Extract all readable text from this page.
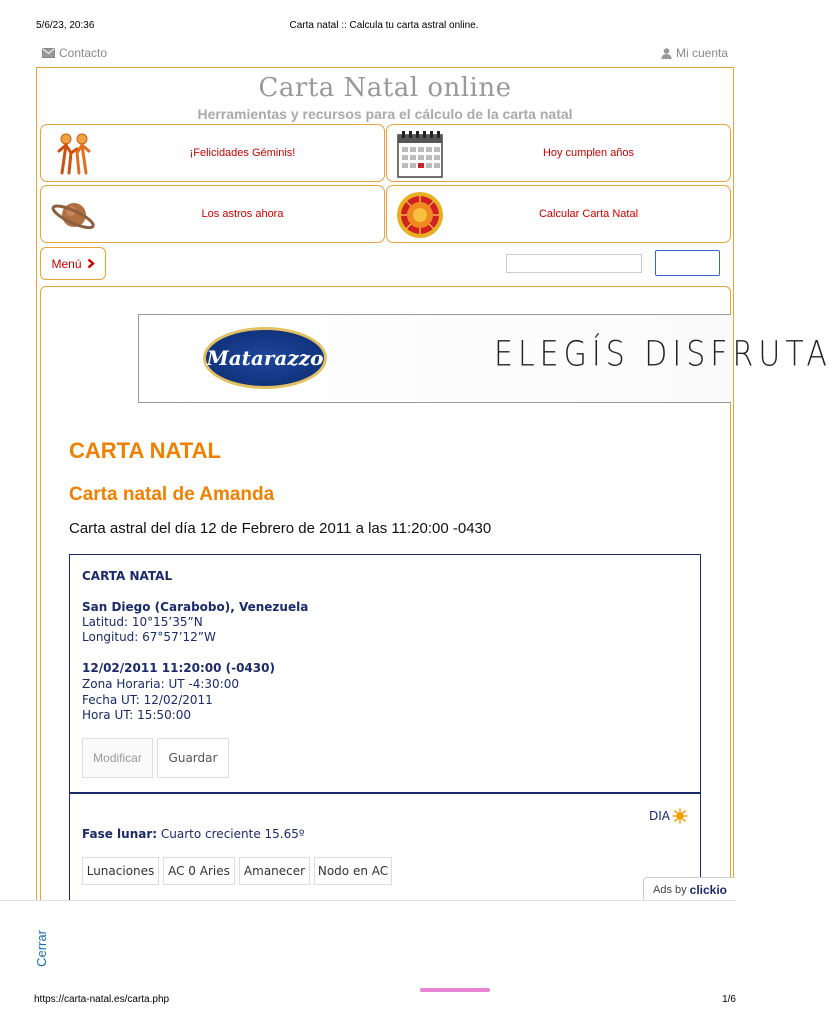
5/6/23, 20:36	Carta natal :: Calcula tu carta astral online.
Contacto	Mi cuenta
Carta Natal online
Herramientas y recursos para el cálculo de la carta natal
¡Felicidades Géminis!	Hoy cumplen años
Los astros ahora	Calcular Carta Natal
Menú
Matarazzo	ELEGÍS DISFRUTA
CARTA NATAL
Carta natal de Amanda
Carta astral del día 12 de Febrero de 2011 a las 11:20:00 -0430
CARTA NATAL
San Diego (Carabobo), Venezuela
Latitud: 10°15’35”N
Longitud: 67°57’12”W
12/02/2011 11:20:00 (-0430)
Zona Horaria: UT -4:30:00
Fecha UT: 12/02/2011
Hora UT: 15:50:00
Modificar	Guardar
DIA
Fase lunar: Cuarto creciente 15.65º
Lunaciones	AC 0 Aries	Amanecer	Nodo en AC
Ads by clickio
Cerrar
https://carta-natal.es/carta.php	1/6
